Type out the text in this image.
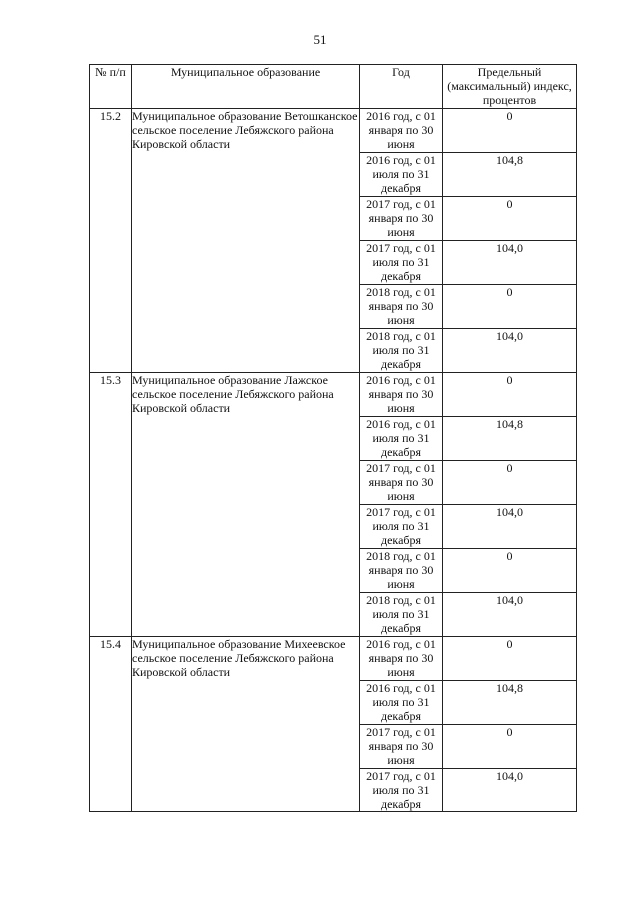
51
№ п/п	Муниципальное образование	Год	Предельный (максимальный) индекс, процентов
15.2	Муниципальное образование Ветошканское сельское поселение Лебяжского района Кировской области	2016 год, с 01 января по 30 июня	0
		2016 год, с 01 июля по 31 декабря	104,8
		2017 год, с 01 января по 30 июня	0
		2017 год, с 01 июля по 31 декабря	104,0
		2018 год, с 01 января по 30 июня	0
		2018 год, с 01 июля по 31 декабря	104,0
15.3	Муниципальное образование Лажское сельское поселение Лебяжского района Кировской области	2016 год, с 01 января по 30 июня	0
		2016 год, с 01 июля по 31 декабря	104,8
		2017 год, с 01 января по 30 июня	0
		2017 год, с 01 июля по 31 декабря	104,0
		2018 год, с 01 января по 30 июня	0
		2018 год, с 01 июля по 31 декабря	104,0
15.4	Муниципальное образование Михеевское сельское поселение Лебяжского района Кировской области	2016 год, с 01 января по 30 июня	0
		2016 год, с 01 июля по 31 декабря	104,8
		2017 год, с 01 января по 30 июня	0
		2017 год, с 01 июля по 31 декабря	104,0
